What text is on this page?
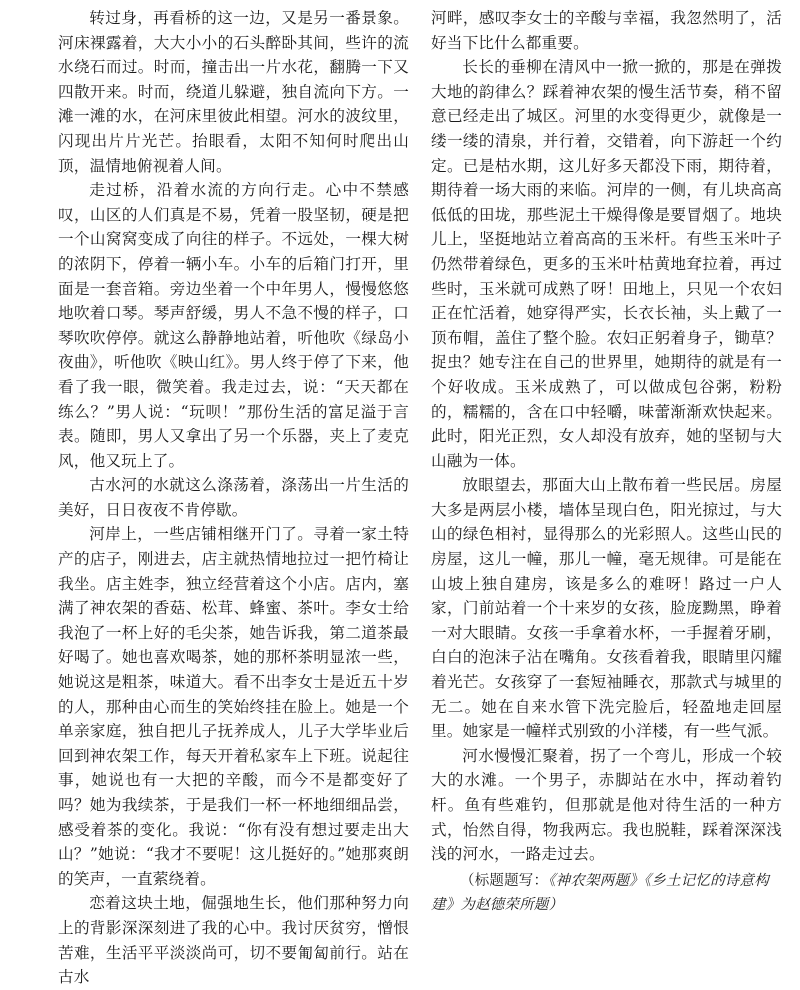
转过身，再看桥的这一边，又是另一番景象。河床裸露着，大大小小的石头醉卧其间，些许的流水绕石而过。时而，撞击出一片水花，翻腾一下又四散开来。时而，绕道儿躲避，独自流向下方。一滩一滩的水，在河床里彼此相望。河水的波纹里，闪现出片片光芒。抬眼看，太阳不知何时爬出山顶，温情地俯视着人间。

走过桥，沿着水流的方向行走。心中不禁感叹，山区的人们真是不易，凭着一股坚韧，硬是把一个山窝窝变成了向往的样子。不远处，一棵大树的浓阴下，停着一辆小车。小车的后箱门打开，里面是一套音箱。旁边坐着一个中年男人，慢慢悠悠地吹着口琴。琴声舒缓，男人不急不慢的样子，口琴吹吹停停。就这么静静地站着，听他吹《绿岛小夜曲》，听他吹《映山红》。男人终于停了下来，他看了我一眼，微笑着。我走过去，说：“天天都在练么？”男人说：“玩呗！”那份生活的富足溢于言表。随即，男人又拿出了另一个乐器，夹上了麦克风，他又玩上了。

古水河的水就这么涤荡着，涤荡出一片生活的美好，日日夜夜不肯停歇。

河岸上，一些店铺相继开门了。寻着一家土特产的店子，刚进去，店主就热情地拉过一把竹椅让我坐。店主姓李，独立经营着这个小店。店内，塞满了神农架的香菇、松茸、蜂蜜、茶叶。李女士给我泡了一杯上好的毛尖茶，她告诉我，第二道茶最好喝了。她也喜欢喝茶，她的那杯茶明显浓一些，她说这是粗茶，味道大。看不出李女士是近五十岁的人，那种由心而生的笑始终挂在脸上。她是一个单亲家庭，独自把儿子抚养成人，儿子大学毕业后回到神农架工作，每天开着私家车上下班。说起往事，她说也有一大把的辛酸，而今不是都变好了吗？她为我续茶，于是我们一杯一杯地细细品尝，感受着茶的变化。我说：“你有没有想过要走出大山？”她说：“我才不要呢！这儿挺好的。”她那爽朗的笑声，一直萦绕着。

恋着这块土地，倔强地生长，他们那种努力向上的背影深深刻进了我的心中。我讨厌贫穷，憎恨苦难，生活平平淡淡尚可，切不要匍匐前行。站在古水

河畔，感叹李女士的辛酸与幸福，我忽然明了，活好当下比什么都重要。

长长的垂柳在清风中一掀一掀的，那是在弹拨大地的韵律么？踩着神农架的慢生活节奏，稍不留意已经走出了城区。河里的水变得更少，就像是一缕一缕的清泉，并行着，交错着，向下游赶一个约定。已是枯水期，这儿好多天都没下雨，期待着，期待着一场大雨的来临。河岸的一侧，有儿块高高低低的田垅，那些泥土干燥得像是要冒烟了。地块儿上，坚挺地站立着高高的玉米杆。有些玉米叶子仍然带着绿色，更多的玉米叶枯黄地耷拉着，再过些时，玉米就可成熟了呀！田地上，只见一个农妇正在忙活着，她穿得严实，长衣长袖，头上戴了一顶布帽，盖住了整个脸。农妇正躬着身子，锄草？捉虫？她专注在自己的世界里，她期待的就是有一个好收成。玉米成熟了，可以做成包谷粥，粉粉的，糯糯的，含在口中轻嚼，味蕾渐渐欢快起来。此时，阳光正烈，女人却没有放弃，她的坚韧与大山融为一体。

放眼望去，那面大山上散布着一些民居。房屋大多是两层小楼，墙体呈现白色，阳光掠过，与大山的绿色相衬，显得那么的光彩照人。这些山民的房屋，这儿一幢，那儿一幢，毫无规律。可是能在山坡上独自建房，该是多么的难呀！路过一户人家，门前站着一个十来岁的女孩，脸庞黝黑，睁着一对大眼睛。女孩一手拿着水杯，一手握着牙刷，白白的泡沫子沾在嘴角。女孩看着我，眼睛里闪耀着光芒。女孩穿了一套短袖睡衣，那款式与城里的无二。她在自来水管下洗完脸后，轻盈地走回屋里。她家是一幢样式别致的小洋楼，有一些气派。

河水慢慢汇聚着，拐了一个弯儿，形成一个较大的水滩。一个男子，赤脚站在水中，挥动着钓杆。鱼有些难钓，但那就是他对待生活的一种方式，怡然自得，物我两忘。我也脱鞋，踩着深深浅浅的河水，一路走过去。

（标题题写：《神农架两题》《乡土记忆的诗意构建》为赵德荣所题）
